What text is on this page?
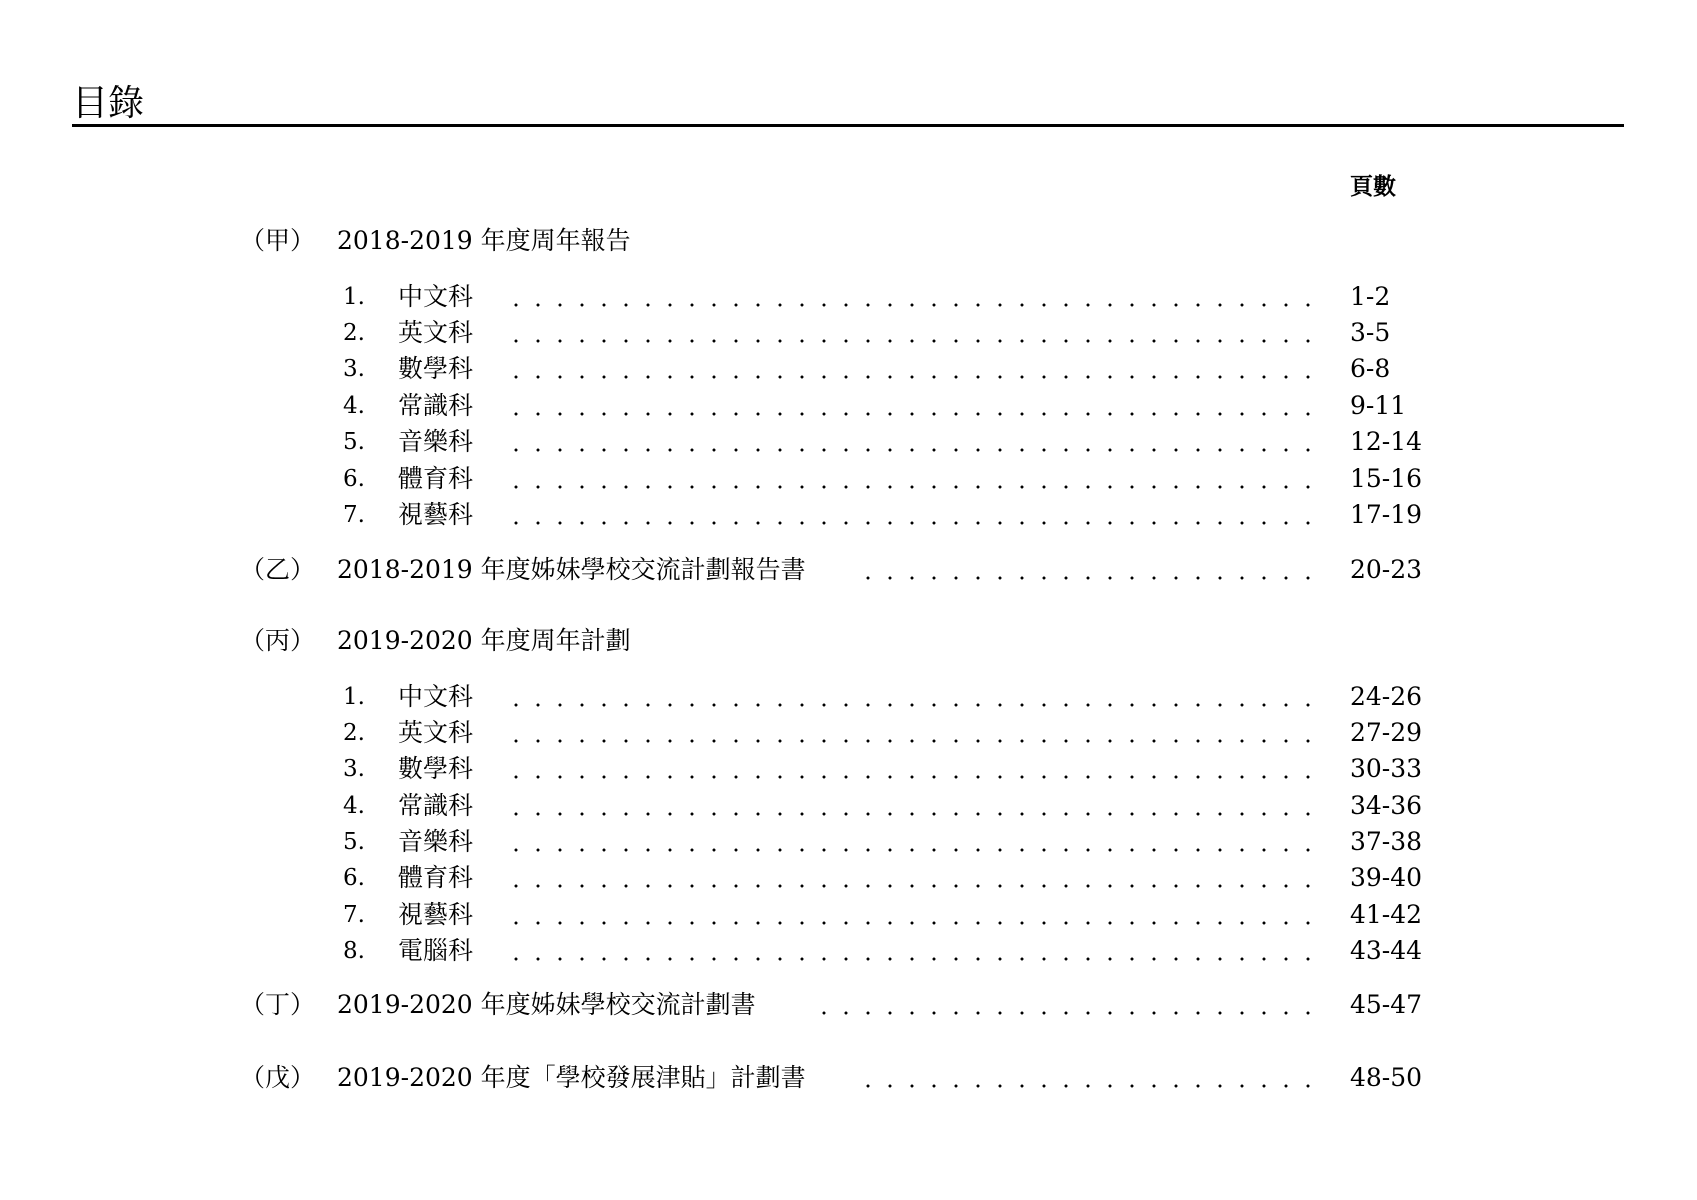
目錄
頁數
（甲） 2018-2019 年度周年報告
1. 中文科	1-2
2. 英文科	3-5
3. 數學科	6-8
4. 常識科	9-11
5. 音樂科	12-14
6. 體育科	15-16
7. 視藝科	17-19
（乙） 2018-2019 年度姊妹學校交流計劃報告書	20-23
（丙） 2019-2020 年度周年計劃
1. 中文科	24-26
2. 英文科	27-29
3. 數學科	30-33
4. 常識科	34-36
5. 音樂科	37-38
6. 體育科	39-40
7. 視藝科	41-42
8. 電腦科	43-44
（丁） 2019-2020 年度姊妹學校交流計劃書	45-47
（戊） 2019-2020 年度「學校發展津貼」計劃書	48-50
